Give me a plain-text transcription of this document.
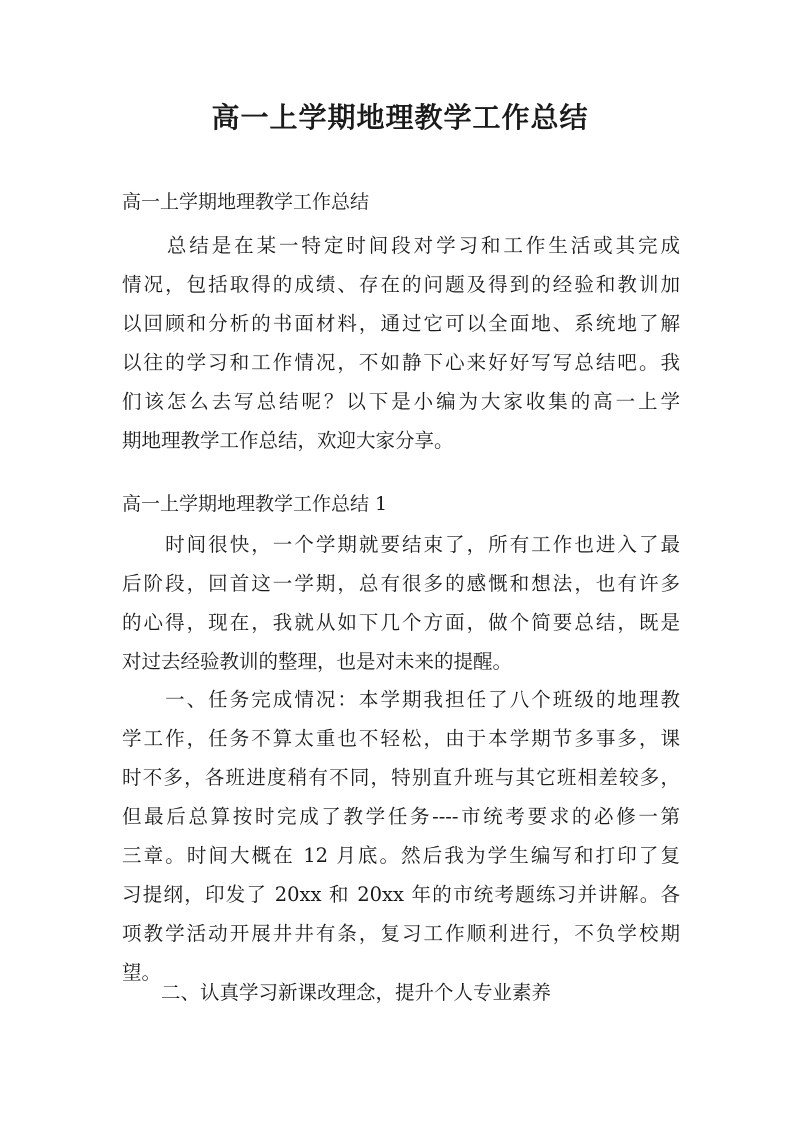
高一上学期地理教学工作总结

高一上学期地理教学工作总结

　　总结是在某一特定时间段对学习和工作生活或其完成
情况，包括取得的成绩、存在的问题及得到的经验和教训加
以回顾和分析的书面材料，通过它可以全面地、系统地了解
以往的学习和工作情况，不如静下心来好好写写总结吧。我
们该怎么去写总结呢？以下是小编为大家收集的高一上学
期地理教学工作总结，欢迎大家分享。

高一上学期地理教学工作总结 1

　　时间很快，一个学期就要结束了，所有工作也进入了最
后阶段，回首这一学期，总有很多的感慨和想法，也有许多
的心得，现在，我就从如下几个方面，做个简要总结，既是
对过去经验教训的整理，也是对未来的提醒。
　　一、任务完成情况：本学期我担任了八个班级的地理教
学工作，任务不算太重也不轻松，由于本学期节多事多，课
时不多，各班进度稍有不同，特别直升班与其它班相差较多，
但最后总算按时完成了教学任务----市统考要求的必修一第
三章。时间大概在 12 月底。然后我为学生编写和打印了复
习提纲，印发了 20xx 和 20xx 年的市统考题练习并讲解。各
项教学活动开展井井有条，复习工作顺利进行，不负学校期
望。
　　二、认真学习新课改理念，提升个人专业素养
